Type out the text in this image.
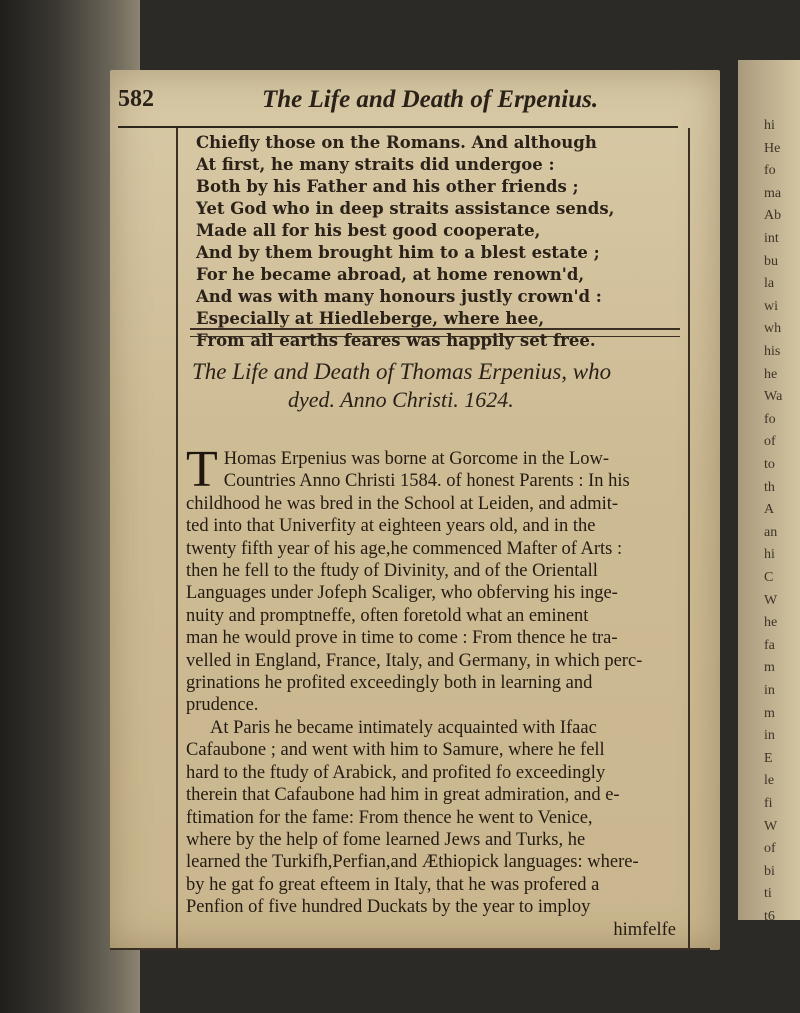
hi
He
fo
ma
Ab
int
bu
la
wi
wh
his
he
Wa
fo
of
to
th
A
an
hi
C
W
he
fa
m
in
m
in
E
le
fi
W
of
bi
ti
t6
582	The Life and Death of Erpenius.
Chiefly those on the Romans. And although
At first, he many straits did undergoe :
Both by his Father and his other friends ;
Yet God who in deep straits assistance sends,
Made all for his best good cooperate,
And by them brought him to a blest estate ;
For he became abroad, at home renown'd,
And was with many honours justly crown'd :
Especially at Hiedleberge, where hee,
From all earths feares was happily set free.
The Life and Death of Thomas Erpenius, who
dyed. Anno Christi. 1624.
T Homas Erpenius was borne at Gorcome in the Low-
Countries Anno Christi 1584. of honest Parents : In his
childhood he was bred in the School at Leiden, and admit-
ted into that Univerfity at eighteen years old, and in the
twenty fifth year of his age,he commenced Mafter of Arts :
then he fell to the ftudy of Divinity, and of the Orientall
Languages under Jofeph Scaliger, who obferving his inge-
nuity and promptneffe, often foretold what an eminent
man he would prove in time to come : From thence he tra-
velled in England, France, Italy, and Germany, in which perc-
grinations he profited exceedingly both in learning and
prudence.
At Paris he became intimately acquainted with Ifaac
Cafaubone ; and went with him to Samure, where he fell
hard to the ftudy of Arabick, and profited fo exceedingly
therein that Cafaubone had him in great admiration, and e-
ftimation for the fame: From thence he went to Venice,
where by the help of fome learned Jews and Turks, he
learned the Turkifh,Perfian,and Æthiopick languages: where-
by he gat fo great efteem in Italy, that he was profered a
Penfion of five hundred Duckats by the year to imploy
himfelfe
